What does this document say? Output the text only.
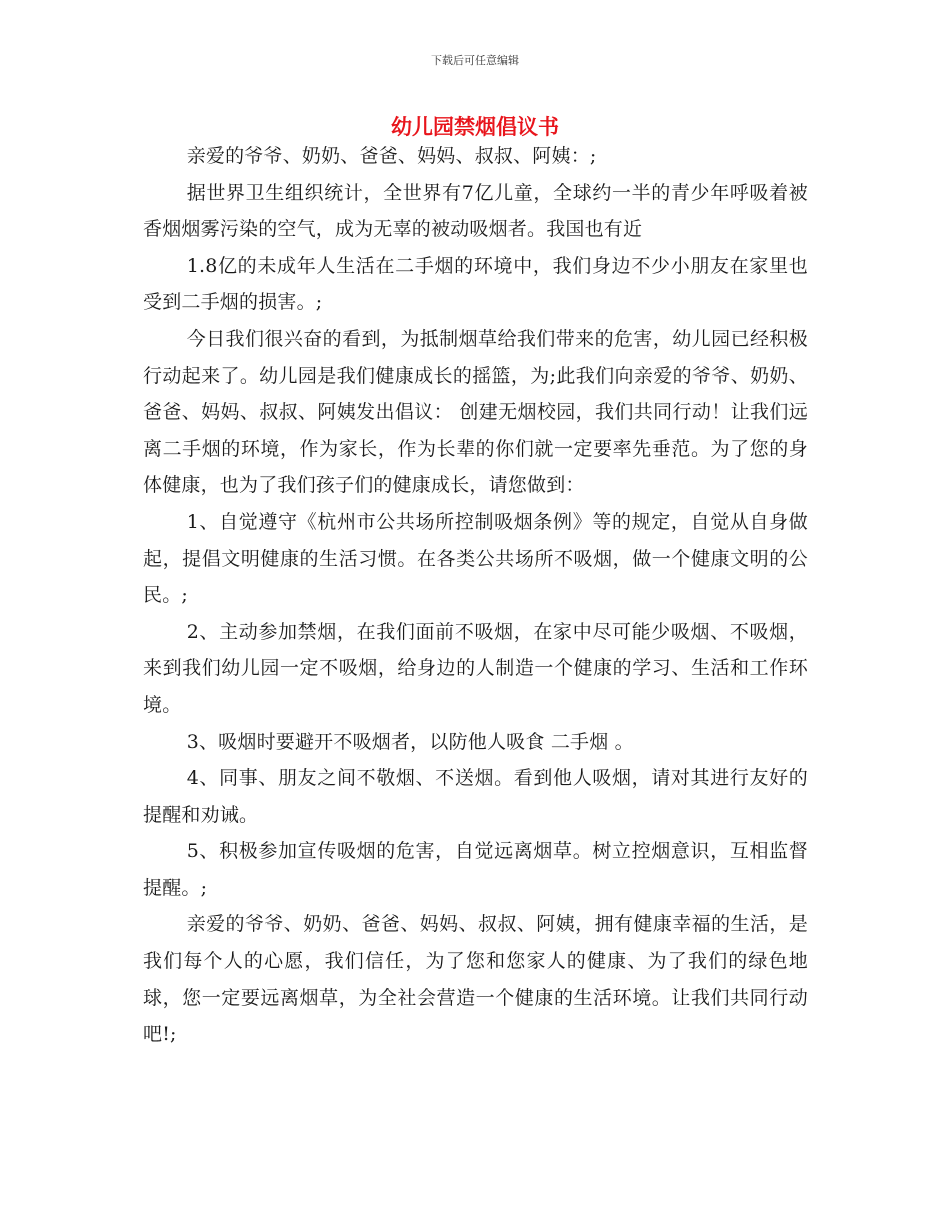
下载后可任意编辑
幼儿园禁烟倡议书

亲爱的爷爷、奶奶、爸爸、妈妈、叔叔、阿姨：;

据世界卫生组织统计，全世界有7亿儿童，全球约一半的青少年呼吸着被香烟烟雾污染的空气，成为无辜的被动吸烟者。我国也有近

1.8亿的未成年人生活在二手烟的环境中，我们身边不少小朋友在家里也受到二手烟的损害。;

今日我们很兴奋的看到，为抵制烟草给我们带来的危害，幼儿园已经积极行动起来了。幼儿园是我们健康成长的摇篮，为;此我们向亲爱的爷爷、奶奶、爸爸、妈妈、叔叔、阿姨发出倡议： 创建无烟校园，我们共同行动！让我们远离二手烟的环境，作为家长，作为长辈的你们就一定要率先垂范。为了您的身体健康，也为了我们孩子们的健康成长，请您做到：

1、自觉遵守《杭州市公共场所控制吸烟条例》等的规定，自觉从自身做起，提倡文明健康的生活习惯。在各类公共场所不吸烟，做一个健康文明的公民。;

2、主动参加禁烟，在我们面前不吸烟，在家中尽可能少吸烟、不吸烟，来到我们幼儿园一定不吸烟，给身边的人制造一个健康的学习、生活和工作环境。

3、吸烟时要避开不吸烟者，以防他人吸食 二手烟 。

4、同事、朋友之间不敬烟、不送烟。看到他人吸烟，请对其进行友好的提醒和劝诫。

5、积极参加宣传吸烟的危害，自觉远离烟草。树立控烟意识，互相监督提醒。;

亲爱的爷爷、奶奶、爸爸、妈妈、叔叔、阿姨，拥有健康幸福的生活，是我们每个人的心愿，我们信任，为了您和您家人的健康、为了我们的绿色地球，您一定要远离烟草，为全社会营造一个健康的生活环境。让我们共同行动吧!;
